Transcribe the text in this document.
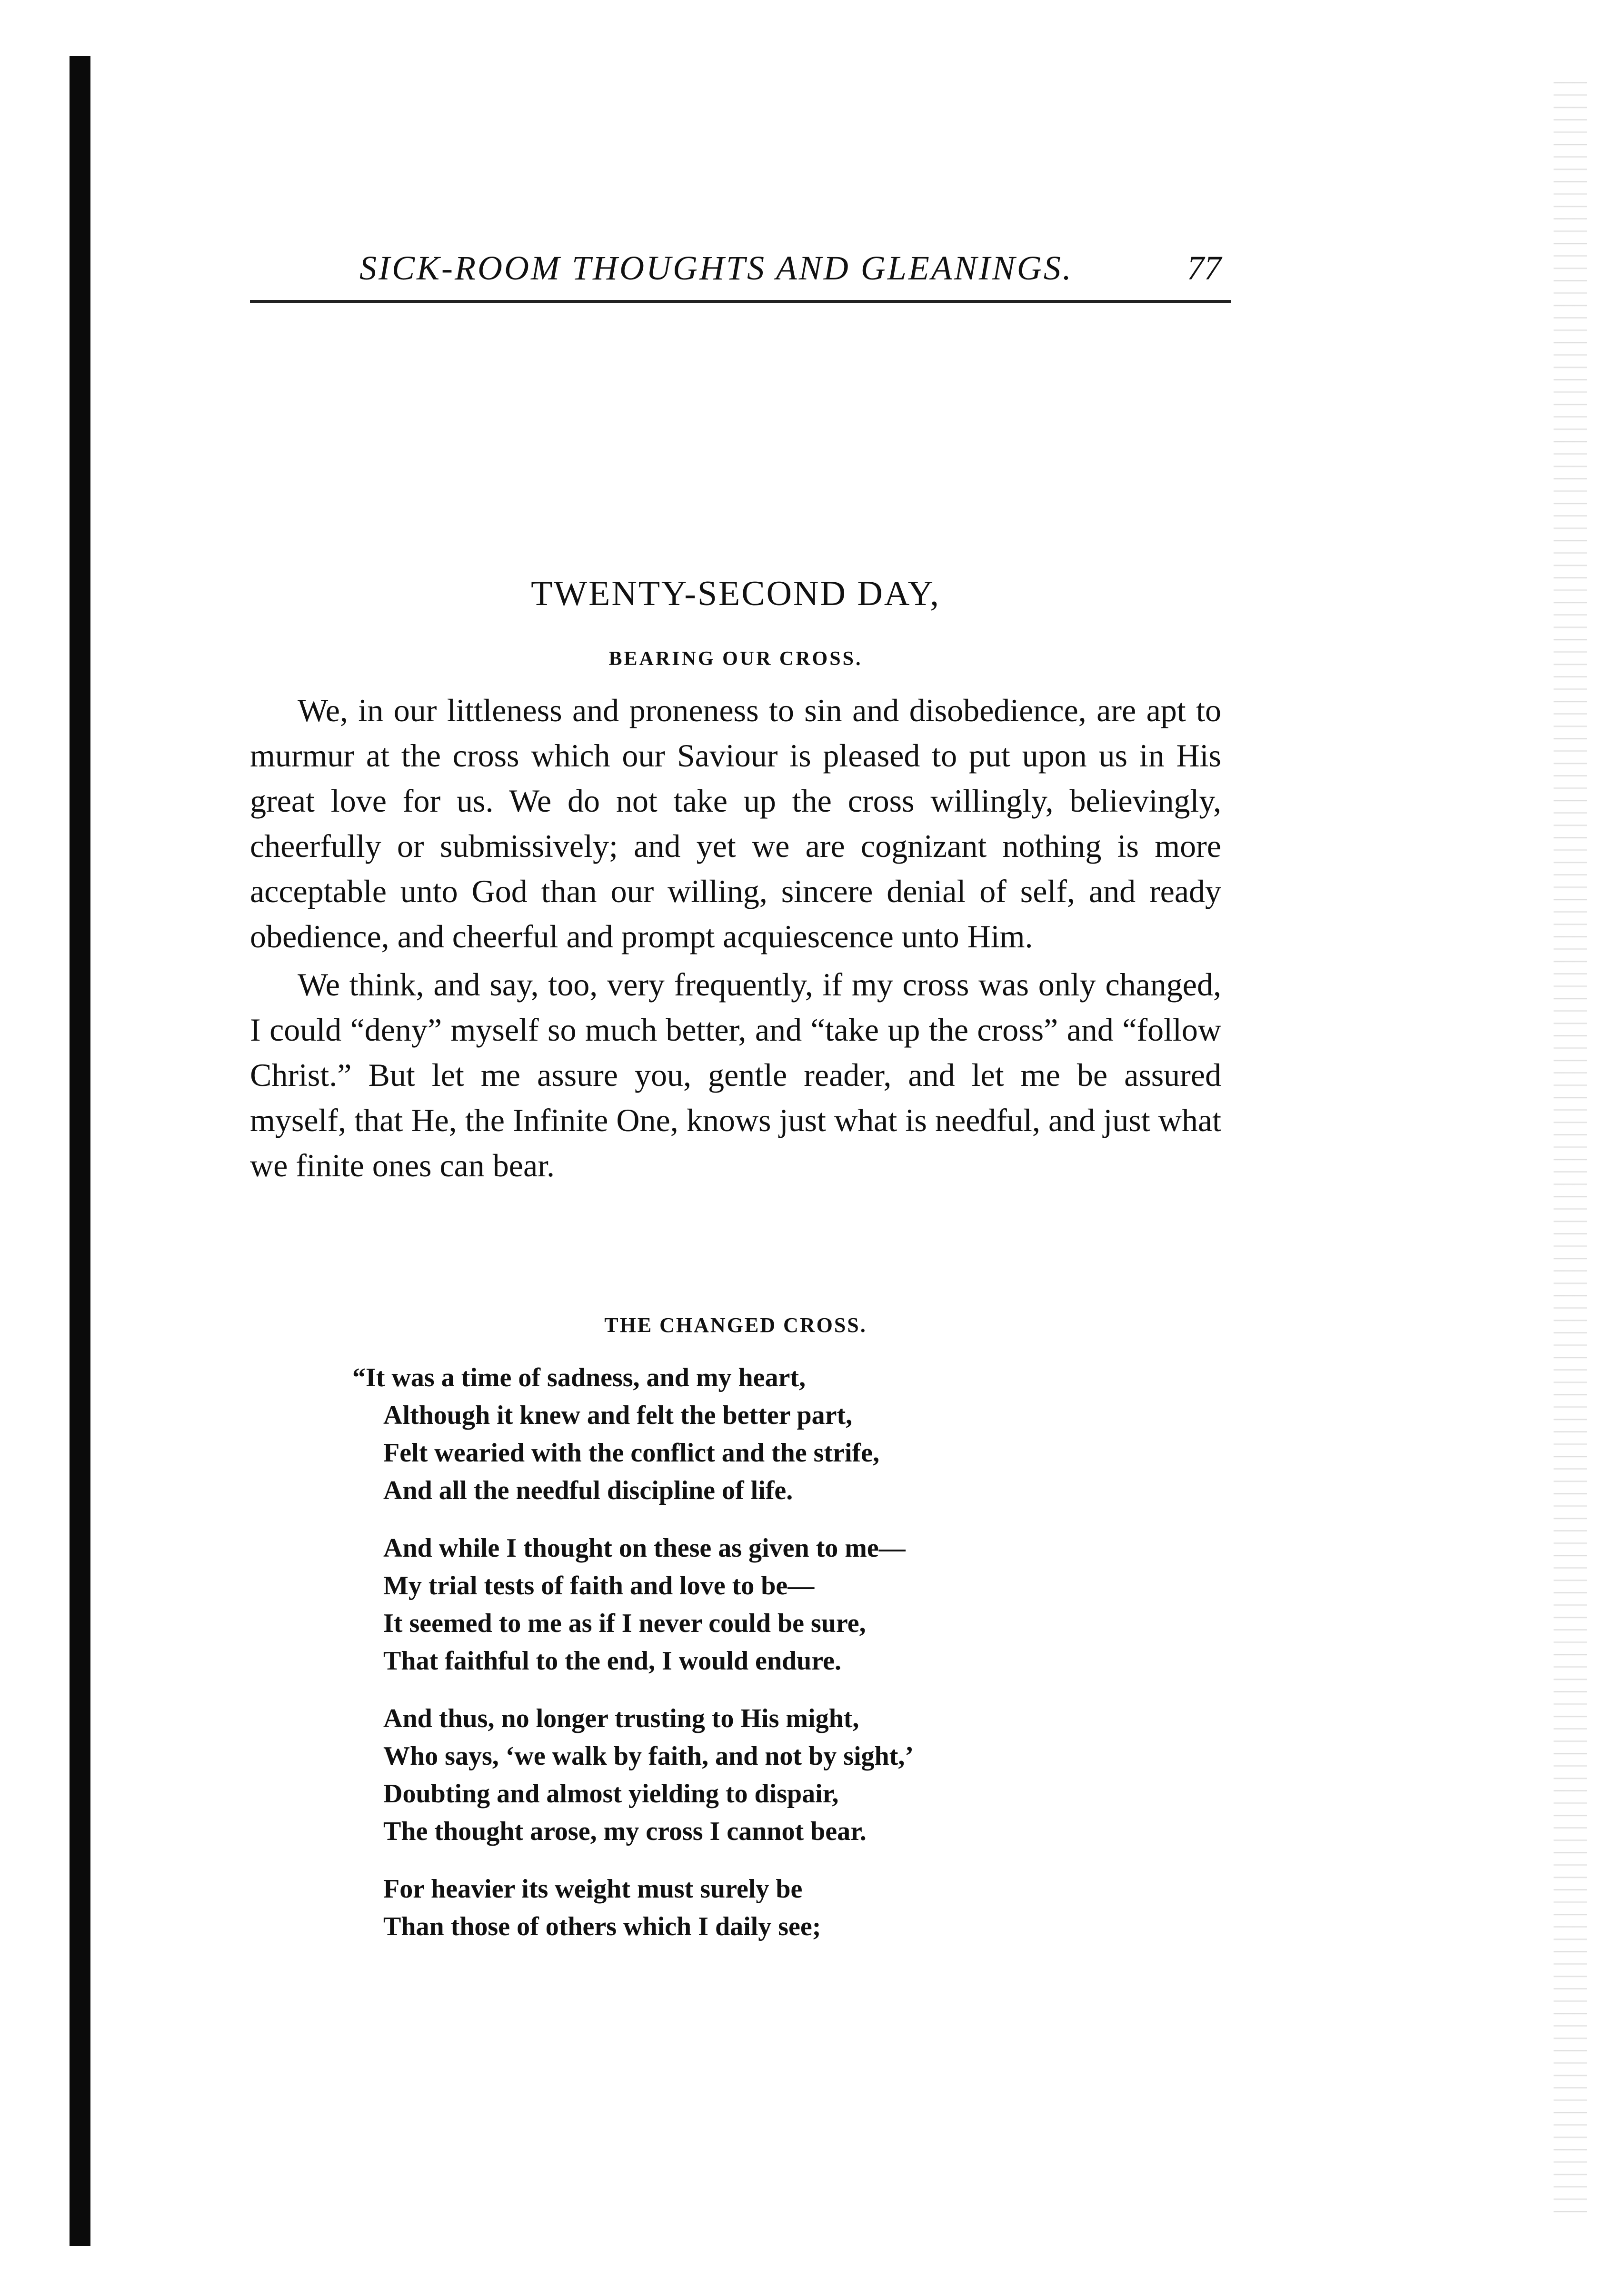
SICK-ROOM THOUGHTS AND GLEANINGS.	77
TWENTY-SECOND DAY,
BEARING OUR CROSS.

We, in our littleness and proneness to sin and disobedience, are apt to murmur at the cross which our Saviour is pleased to put upon us in His great love for us. We do not take up the cross willingly, believingly, cheerfully or submissively; and yet we are cognizant nothing is more acceptable unto God than our willing, sincere denial of self, and ready obedience, and cheerful and prompt acquiescence unto Him.

We think, and say, too, very frequently, if my cross was only changed, I could “deny” myself so much better, and “take up the cross” and “follow Christ.” But let me assure you, gentle reader, and let me be assured myself, that He, the Infinite One, knows just what is needful, and just what we finite ones can bear.

THE CHANGED CROSS.
“It was a time of sadness, and my heart,
Although it knew and felt the better part,
Felt wearied with the conflict and the strife,
And all the needful discipline of life.
And while I thought on these as given to me—
My trial tests of faith and love to be—
It seemed to me as if I never could be sure,
That faithful to the end, I would endure.
And thus, no longer trusting to His might,
Who says, ‘we walk by faith, and not by sight,’
Doubting and almost yielding to dispair,
The thought arose, my cross I cannot bear.
For heavier its weight must surely be
Than those of others which I daily see;
